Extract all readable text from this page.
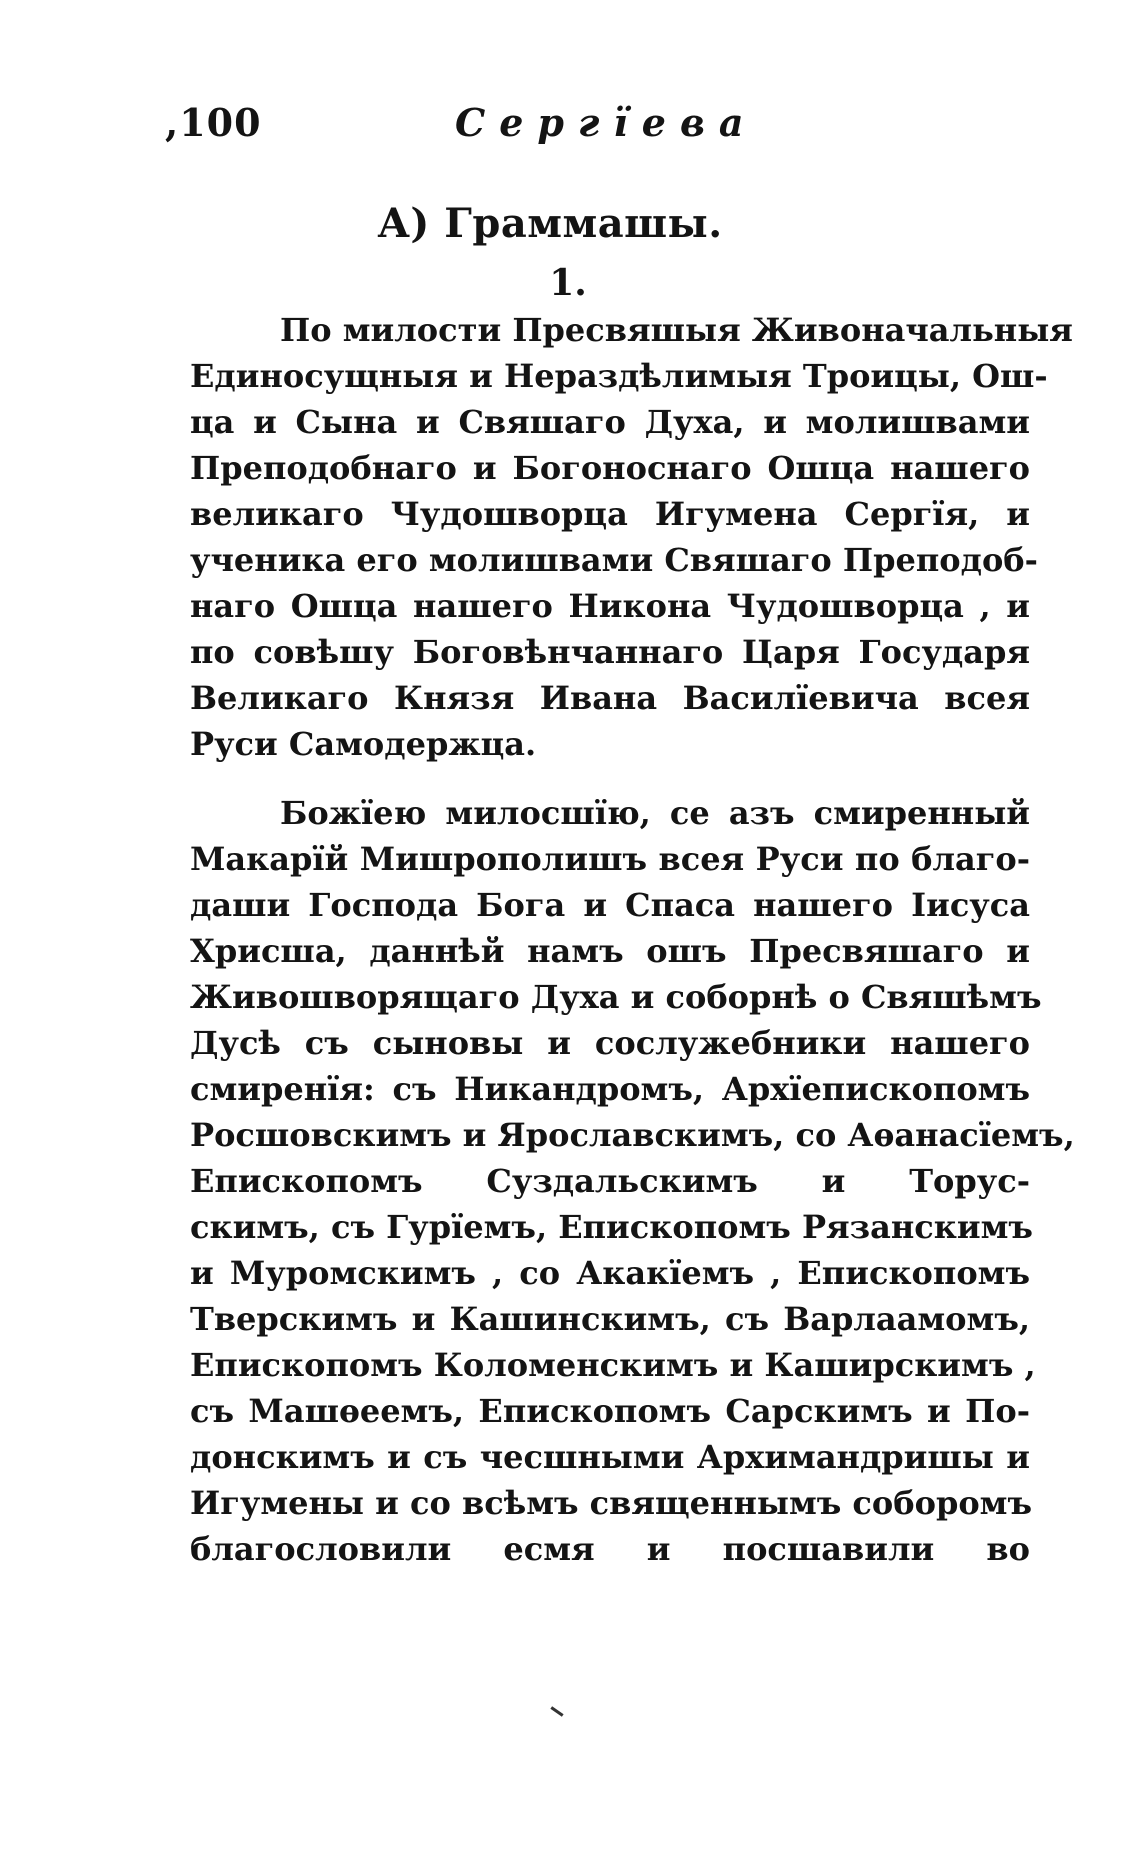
,100	Сергїева
А) Граммашы.
1.
По милости Пресвяшыя Живоначальныя
Единосущныя и Нераздѣлимыя Троицы, Ош-
ца и Сына и Свяшаго Духа, и молишвами
Преподобнаго и Богоноснаго Ошца нашего
великаго Чудошворца Игумена Сергїя, и
ученика его молишвами Свяшаго Преподоб-
наго Ошца нашего Никона Чудошворца , и
по совѣшу Боговѣнчаннаго Царя Государя
Великаго Князя Ивана Василїевича всея
Руси Самодержца.
Божїею милосшїю, се азъ смиренный
Макарїй Мишрополишъ всея Руси по благо-
даши Господа Бога и Спаса нашего Iисуса
Хрисша, даннѣй намъ ошъ Пресвяшаго и
Живошворящаго Духа и соборнѣ о Свяшѣмъ
Дусѣ съ сыновы и сослужебники нашего
смиренїя: съ Никандромъ, Архїепископомъ
Росшовскимъ и Ярославскимъ, со Аѳанасїемъ,
Епископомъ Суздальскимъ и Торус-
скимъ, съ Гурїемъ, Епископомъ Рязанскимъ
и Муромскимъ , со Акакїемъ , Епископомъ
Тверскимъ и Кашинскимъ, съ Варлаамомъ,
Епископомъ Коломенскимъ и Каширскимъ ,
съ Машѳеемъ, Епископомъ Сарскимъ и По-
донскимъ и съ чесшными Архимандришы и
Игумены и со всѣмъ священнымъ соборомъ
благословили есмя и посшавили во
